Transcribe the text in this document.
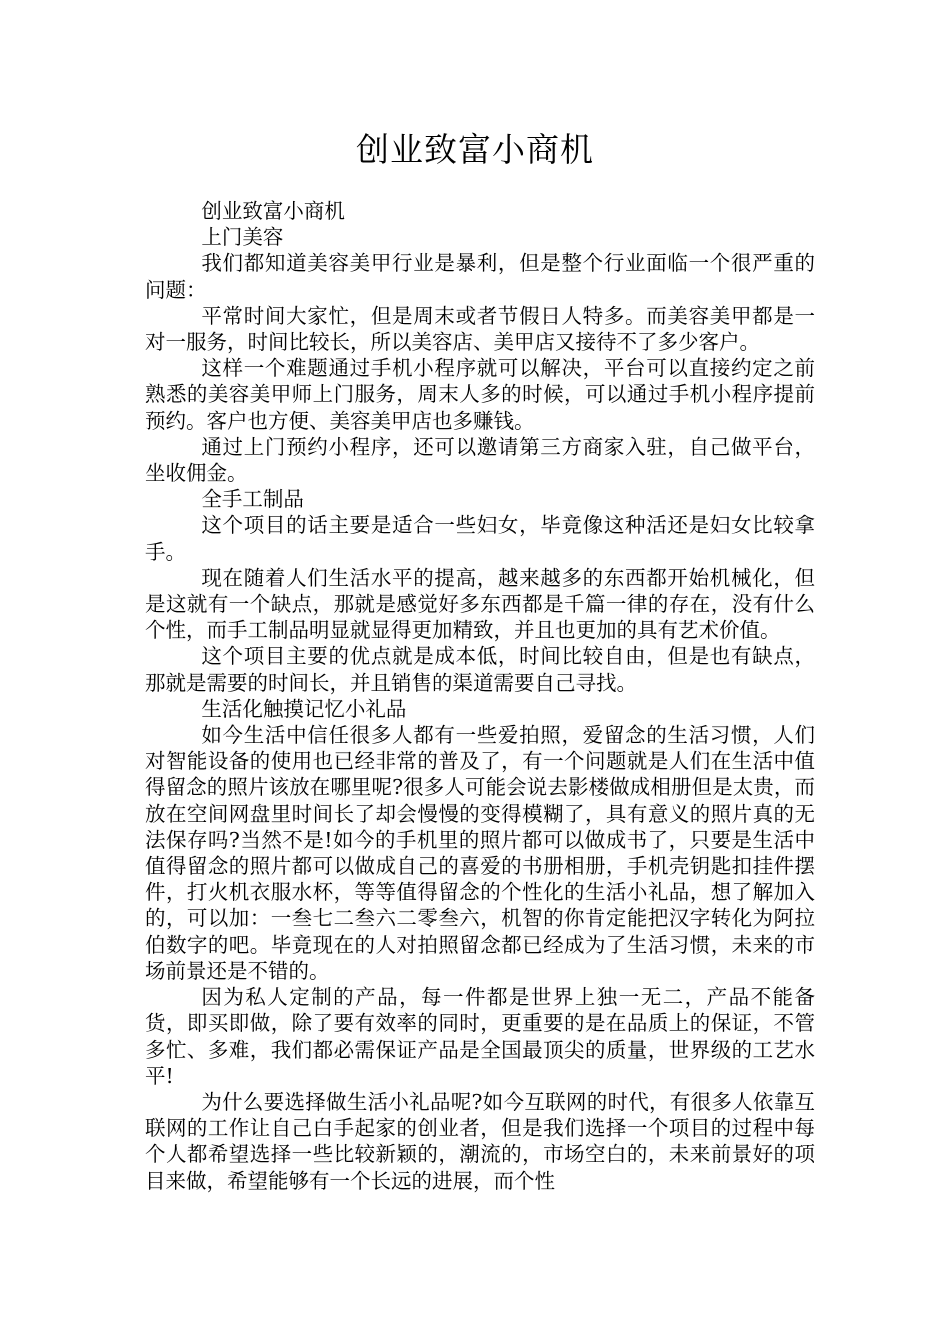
创业致富小商机

创业致富小商机

上门美容

我们都知道美容美甲行业是暴利，但是整个行业面临一个很严重的问题：

平常时间大家忙，但是周末或者节假日人特多。而美容美甲都是一对一服务，时间比较长，所以美容店、美甲店又接待不了多少客户。

这样一个难题通过手机小程序就可以解决，平台可以直接约定之前熟悉的美容美甲师上门服务，周末人多的时候，可以通过手机小程序提前预约。客户也方便、美容美甲店也多赚钱。

通过上门预约小程序，还可以邀请第三方商家入驻，自己做平台，坐收佣金。

全手工制品

这个项目的话主要是适合一些妇女，毕竟像这种活还是妇女比较拿手。

现在随着人们生活水平的提高，越来越多的东西都开始机械化，但是这就有一个缺点，那就是感觉好多东西都是千篇一律的存在，没有什么个性，而手工制品明显就显得更加精致，并且也更加的具有艺术价值。

这个项目主要的优点就是成本低，时间比较自由，但是也有缺点，那就是需要的时间长，并且销售的渠道需要自己寻找。

生活化触摸记忆小礼品

如今生活中信任很多人都有一些爱拍照，爱留念的生活习惯，人们对智能设备的使用也已经非常的普及了，有一个问题就是人们在生活中值得留念的照片该放在哪里呢?很多人可能会说去影楼做成相册但是太贵，而放在空间网盘里时间长了却会慢慢的变得模糊了，具有意义的照片真的无法保存吗?当然不是!如今的手机里的照片都可以做成书了，只要是生活中值得留念的照片都可以做成自己的喜爱的书册相册，手机壳钥匙扣挂件摆件，打火机衣服水杯，等等值得留念的个性化的生活小礼品，想了解加入的，可以加：一叁七二叁六二零叁六，机智的你肯定能把汉字转化为阿拉伯数字的吧。毕竟现在的人对拍照留念都已经成为了生活习惯，未来的市场前景还是不错的。

因为私人定制的产品，每一件都是世界上独一无二，产品不能备货，即买即做，除了要有效率的同时，更重要的是在品质上的保证，不管多忙、多难，我们都必需保证产品是全国最顶尖的质量，世界级的工艺水平!

为什么要选择做生活小礼品呢?如今互联网的时代，有很多人依靠互联网的工作让自己白手起家的创业者，但是我们选择一个项目的过程中每个人都希望选择一些比较新颖的，潮流的，市场空白的，未来前景好的项目来做，希望能够有一个长远的进展，而个性
